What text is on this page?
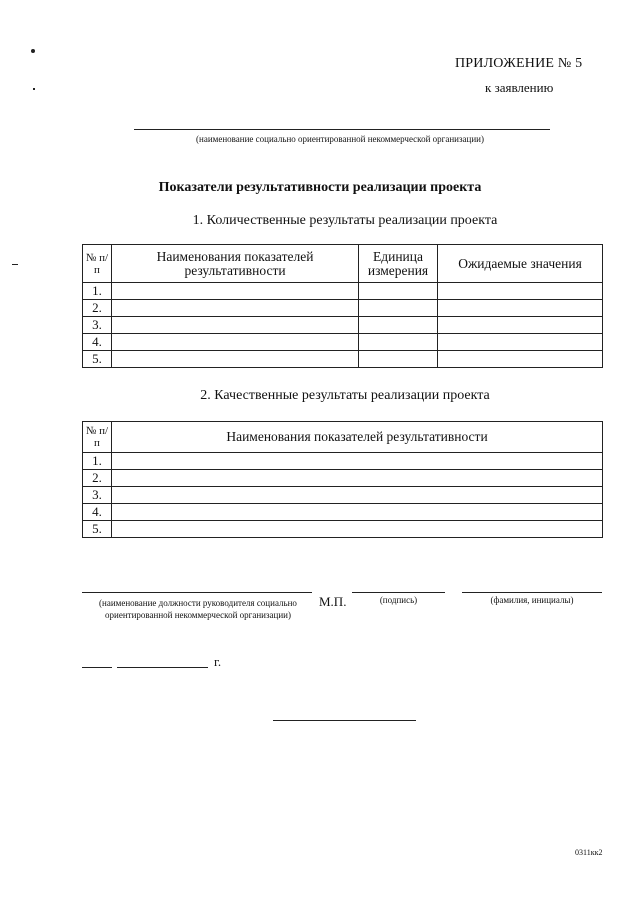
ПРИЛОЖЕНИЕ № 5
к заявлению
(наименование социально ориентированной некоммерческой организации)
Показатели результативности реализации проекта
1. Количественные результаты реализации проекта
№ п/п	Наименования показателей результативности	Единица измерения	Ожидаемые значения
1.			
2.			
3.			
4.			
5.			
2. Качественные результаты реализации проекта
№ п/п	Наименования показателей результативности
1.	
2.	
3.	
4.	
5.	
(наименование должности руководителя социально ориентированной некоммерческой организации)
М.П.	(подпись)	(фамилия, инициалы)
г.
0311кк2
